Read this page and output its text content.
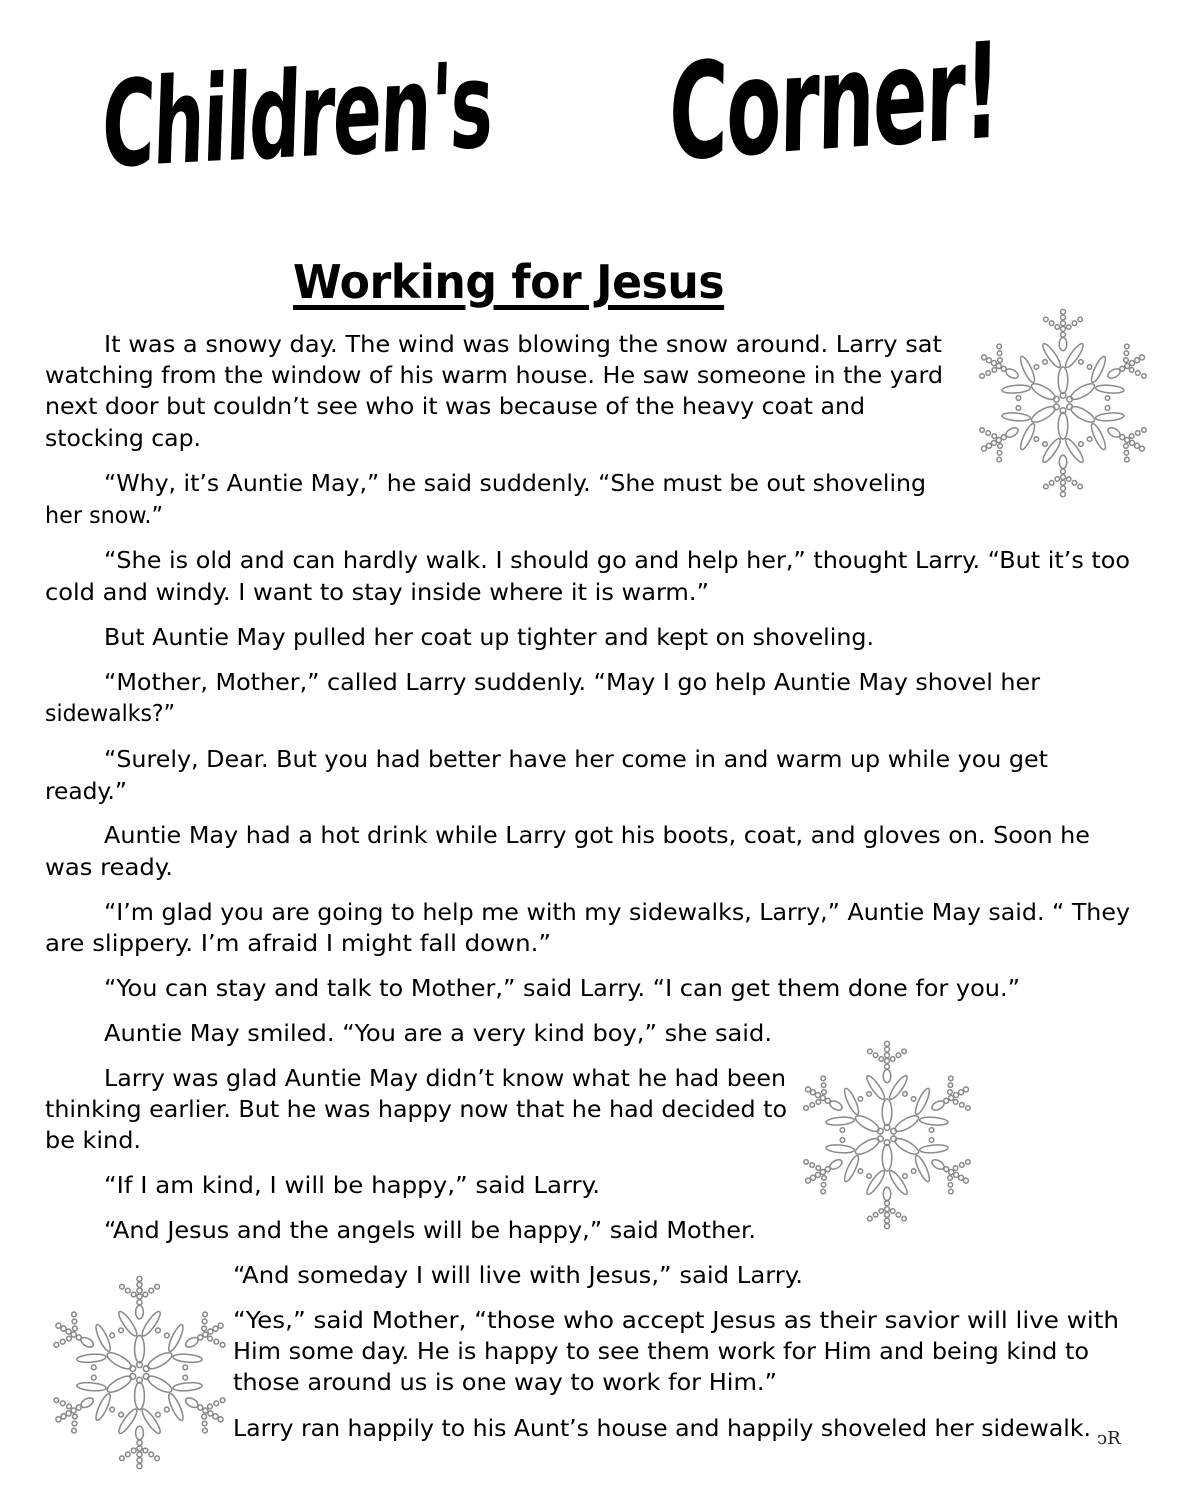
Children's Corner!
Working for Jesus
It was a snowy day. The wind was blowing the snow around. Larry sat
watching from the window of his warm house. He saw someone in the yard
next door but couldn’t see who it was because of the heavy coat and
stocking cap.
“Why, it’s Auntie May,” he said suddenly. “She must be out shoveling
her snow.”
“She is old and can hardly walk. I should go and help her,” thought Larry. “But it’s too
cold and windy. I want to stay inside where it is warm.”
But Auntie May pulled her coat up tighter and kept on shoveling.
“Mother, Mother,” called Larry suddenly. “May I go help Auntie May shovel her
sidewalks?”
“Surely, Dear. But you had better have her come in and warm up while you get
ready.”
Auntie May had a hot drink while Larry got his boots, coat, and gloves on. Soon he
was ready.
“I’m glad you are going to help me with my sidewalks, Larry,” Auntie May said. “ They
are slippery. I’m afraid I might fall down.”
“You can stay and talk to Mother,” said Larry. “I can get them done for you.”
Auntie May smiled. “You are a very kind boy,” she said.
Larry was glad Auntie May didn’t know what he had been
thinking earlier. But he was happy now that he had decided to
be kind.
“If I am kind, I will be happy,” said Larry.
“And Jesus and the angels will be happy,” said Mother.
“And someday I will live with Jesus,” said Larry.
“Yes,” said Mother, “those who accept Jesus as their savior will live with
Him some day. He is happy to see them work for Him and being kind to
those around us is one way to work for Him.”
Larry ran happily to his Aunt’s house and happily shoveled her sidewalk. ↄR
